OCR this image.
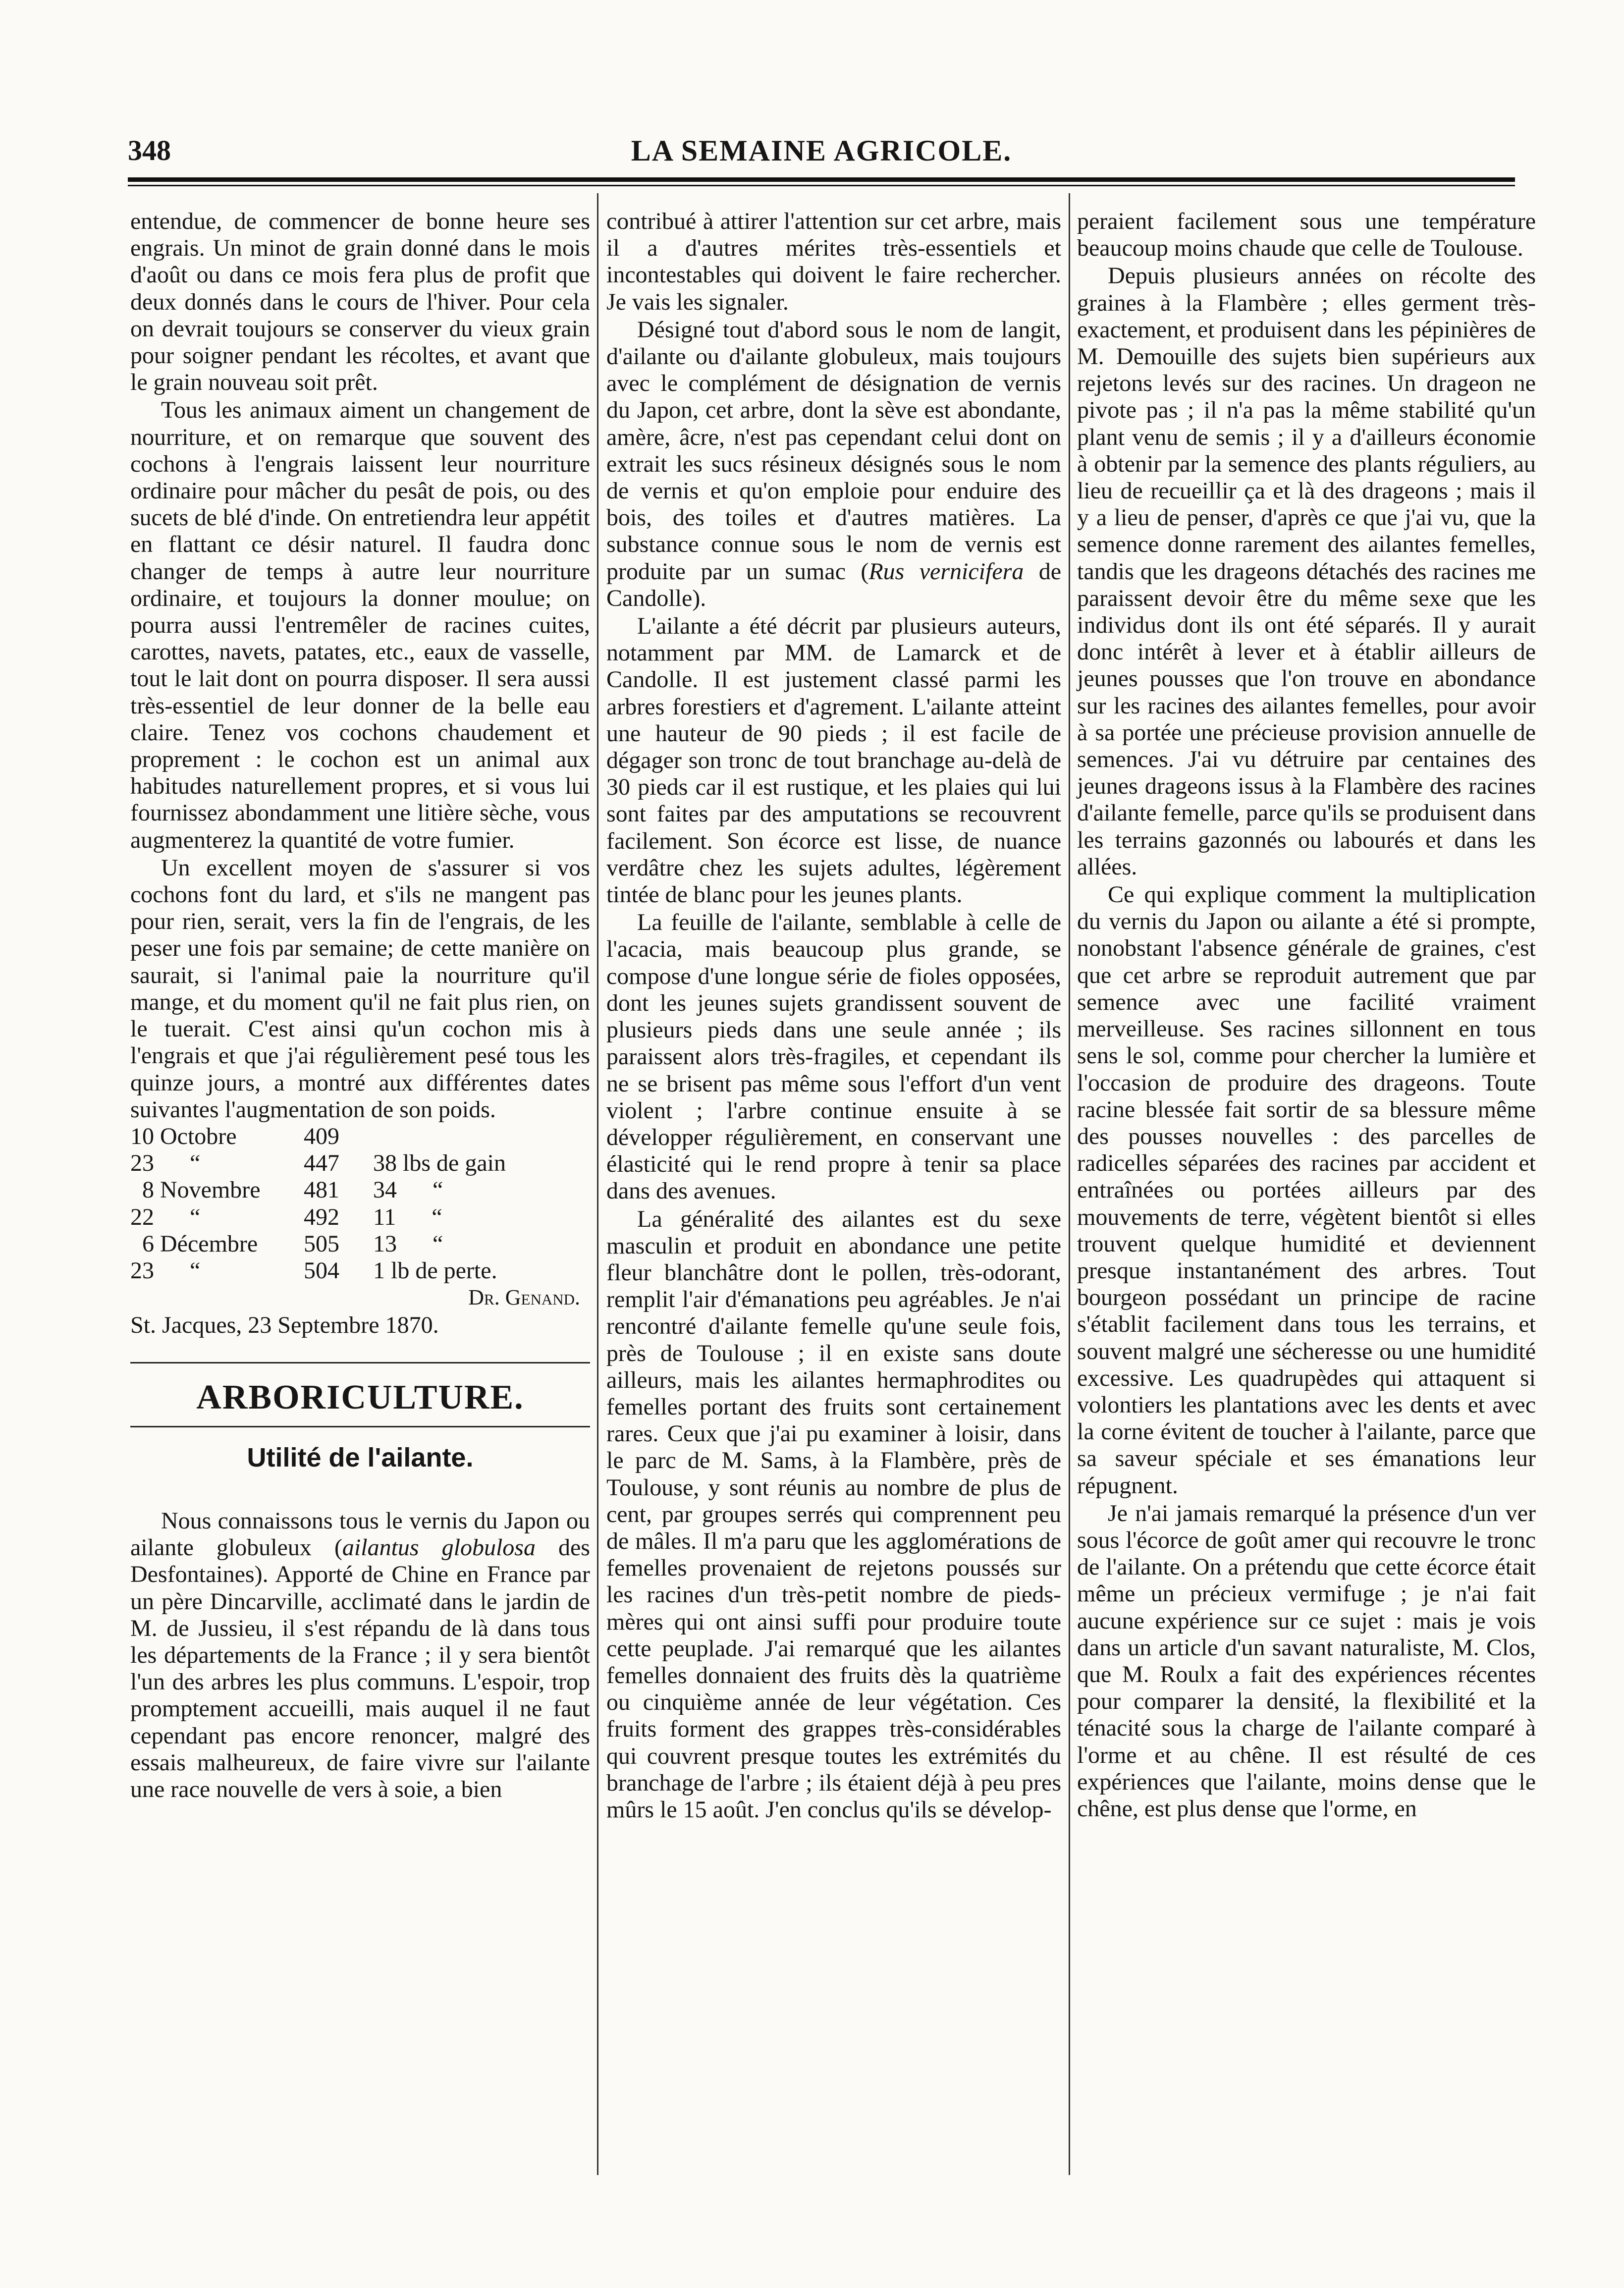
348	LA SEMAINE AGRICOLE.

entendue, de commencer de bonne heure ses engrais. Un minot de grain donné dans le mois d'août ou dans ce mois fera plus de profit que deux donnés dans le cours de l'hiver. Pour cela on devrait toujours se conserver du vieux grain pour soigner pendant les récoltes, et avant que le grain nouveau soit prêt.

Tous les animaux aiment un changement de nourriture, et on remarque que souvent des cochons à l'engrais laissent leur nourriture ordinaire pour mâcher du pesât de pois, ou des sucets de blé d'inde. On entretiendra leur appétit en flattant ce désir naturel. Il faudra donc changer de temps à autre leur nourriture ordinaire, et toujours la donner moulue; on pourra aussi l'entremêler de racines cuites, carottes, navets, patates, etc., eaux de vasselle, tout le lait dont on pourra disposer. Il sera aussi très-essentiel de leur donner de la belle eau claire. Tenez vos cochons chaudement et proprement : le cochon est un animal aux habitudes naturellement propres, et si vous lui fournissez abondamment une litière sèche, vous augmenterez la quantité de votre fumier.

Un excellent moyen de s'assurer si vos cochons font du lard, et s'ils ne mangent pas pour rien, serait, vers la fin de l'engrais, de les peser une fois par semaine; de cette manière on saurait, si l'animal paie la nourriture qu'il mange, et du moment qu'il ne fait plus rien, on le tuerait. C'est ainsi qu'un cochon mis à l'engrais et que j'ai régulièrement pesé tous les quinze jours, a montré aux différentes dates suivantes l'augmentation de son poids.

10 Octobre	409	
23      “	447	38 lbs de gain
8 Novembre	481	34      “
22      “	492	11      “
6 Décembre	505	13      “
23      “	504	1 lb de perte.

Dr. Genand.

St. Jacques, 23 Septembre 1870.

ARBORICULTURE.
Utilité de l'ailante.

Nous connaissons tous le vernis du Japon ou ailante globuleux (ailantus globulosa des Desfontaines). Apporté de Chine en France par un père Dincarville, acclimaté dans le jardin de M. de Jussieu, il s'est répandu de là dans tous les départements de la France ; il y sera bientôt l'un des arbres les plus communs. L'espoir, trop promptement accueilli, mais auquel il ne faut cependant pas encore renoncer, malgré des essais malheureux, de faire vivre sur l'ailante une race nouvelle de vers à soie, a bien

contribué à attirer l'attention sur cet arbre, mais il a d'autres mérites très-essentiels et incontestables qui doivent le faire rechercher. Je vais les signaler.

Désigné tout d'abord sous le nom de langit, d'ailante ou d'ailante globuleux, mais toujours avec le complément de désignation de vernis du Japon, cet arbre, dont la sève est abondante, amère, âcre, n'est pas cependant celui dont on extrait les sucs résineux désignés sous le nom de vernis et qu'on emploie pour enduire des bois, des toiles et d'autres matières. La substance connue sous le nom de vernis est produite par un sumac (Rus vernicifera de Candolle).

L'ailante a été décrit par plusieurs auteurs, notamment par MM. de Lamarck et de Candolle. Il est justement classé parmi les arbres forestiers et d'agrement. L'ailante atteint une hauteur de 90 pieds ; il est facile de dégager son tronc de tout branchage au-delà de 30 pieds car il est rustique, et les plaies qui lui sont faites par des amputations se recouvrent facilement. Son écorce est lisse, de nuance verdâtre chez les sujets adultes, légèrement tintée de blanc pour les jeunes plants.

La feuille de l'ailante, semblable à celle de l'acacia, mais beaucoup plus grande, se compose d'une longue série de fioles opposées, dont les jeunes sujets grandissent souvent de plusieurs pieds dans une seule année ; ils paraissent alors très-fragiles, et cependant ils ne se brisent pas même sous l'effort d'un vent violent ; l'arbre continue ensuite à se développer régulièrement, en conservant une élasticité qui le rend propre à tenir sa place dans des avenues.

La généralité des ailantes est du sexe masculin et produit en abondance une petite fleur blanchâtre dont le pollen, très-odorant, remplit l'air d'émanations peu agréables. Je n'ai rencontré d'ailante femelle qu'une seule fois, près de Toulouse ; il en existe sans doute ailleurs, mais les ailantes hermaphrodites ou femelles portant des fruits sont certainement rares. Ceux que j'ai pu examiner à loisir, dans le parc de M. Sams, à la Flambère, près de Toulouse, y sont réunis au nombre de plus de cent, par groupes serrés qui comprennent peu de mâles. Il m'a paru que les agglomérations de femelles provenaient de rejetons poussés sur les racines d'un très-petit nombre de pieds-mères qui ont ainsi suffi pour produire toute cette peuplade. J'ai remarqué que les ailantes femelles donnaient des fruits dès la quatrième ou cinquième année de leur végétation. Ces fruits forment des grappes très-considérables qui couvrent presque toutes les extrémités du branchage de l'arbre ; ils étaient déjà à peu pres mûrs le 15 août. J'en conclus qu'ils se dévelop-

peraient facilement sous une température beaucoup moins chaude que celle de Toulouse.

Depuis plusieurs années on récolte des graines à la Flambère ; elles germent très-exactement, et produisent dans les pépinières de M. Demouille des sujets bien supérieurs aux rejetons levés sur des racines. Un drageon ne pivote pas ; il n'a pas la même stabilité qu'un plant venu de semis ; il y a d'ailleurs économie à obtenir par la semence des plants réguliers, au lieu de recueillir ça et là des drageons ; mais il y a lieu de penser, d'après ce que j'ai vu, que la semence donne rarement des ailantes femelles, tandis que les drageons détachés des racines me paraissent devoir être du même sexe que les individus dont ils ont été séparés. Il y aurait donc intérêt à lever et à établir ailleurs de jeunes pousses que l'on trouve en abondance sur les racines des ailantes femelles, pour avoir à sa portée une précieuse provision annuelle de semences. J'ai vu détruire par centaines des jeunes drageons issus à la Flambère des racines d'ailante femelle, parce qu'ils se produisent dans les terrains gazonnés ou labourés et dans les allées.

Ce qui explique comment la multiplication du vernis du Japon ou ailante a été si prompte, nonobstant l'absence générale de graines, c'est que cet arbre se reproduit autrement que par semence avec une facilité vraiment merveilleuse. Ses racines sillonnent en tous sens le sol, comme pour chercher la lumière et l'occasion de produire des drageons. Toute racine blessée fait sortir de sa blessure même des pousses nouvelles : des parcelles de radicelles séparées des racines par accident et entraînées ou portées ailleurs par des mouvements de terre, végètent bientôt si elles trouvent quelque humidité et deviennent presque instantanément des arbres. Tout bourgeon possédant un principe de racine s'établit facilement dans tous les terrains, et souvent malgré une sécheresse ou une humidité excessive. Les quadrupèdes qui attaquent si volontiers les plantations avec les dents et avec la corne évitent de toucher à l'ailante, parce que sa saveur spéciale et ses émanations leur répugnent.

Je n'ai jamais remarqué la présence d'un ver sous l'écorce de goût amer qui recouvre le tronc de l'ailante. On a prétendu que cette écorce était même un précieux vermifuge ; je n'ai fait aucune expérience sur ce sujet : mais je vois dans un article d'un savant naturaliste, M. Clos, que M. Roulx a fait des expériences récentes pour comparer la densité, la flexibilité et la ténacité sous la charge de l'ailante comparé à l'orme et au chêne. Il est résulté de ces expériences que l'ailante, moins dense que le chêne, est plus dense que l'orme, en
